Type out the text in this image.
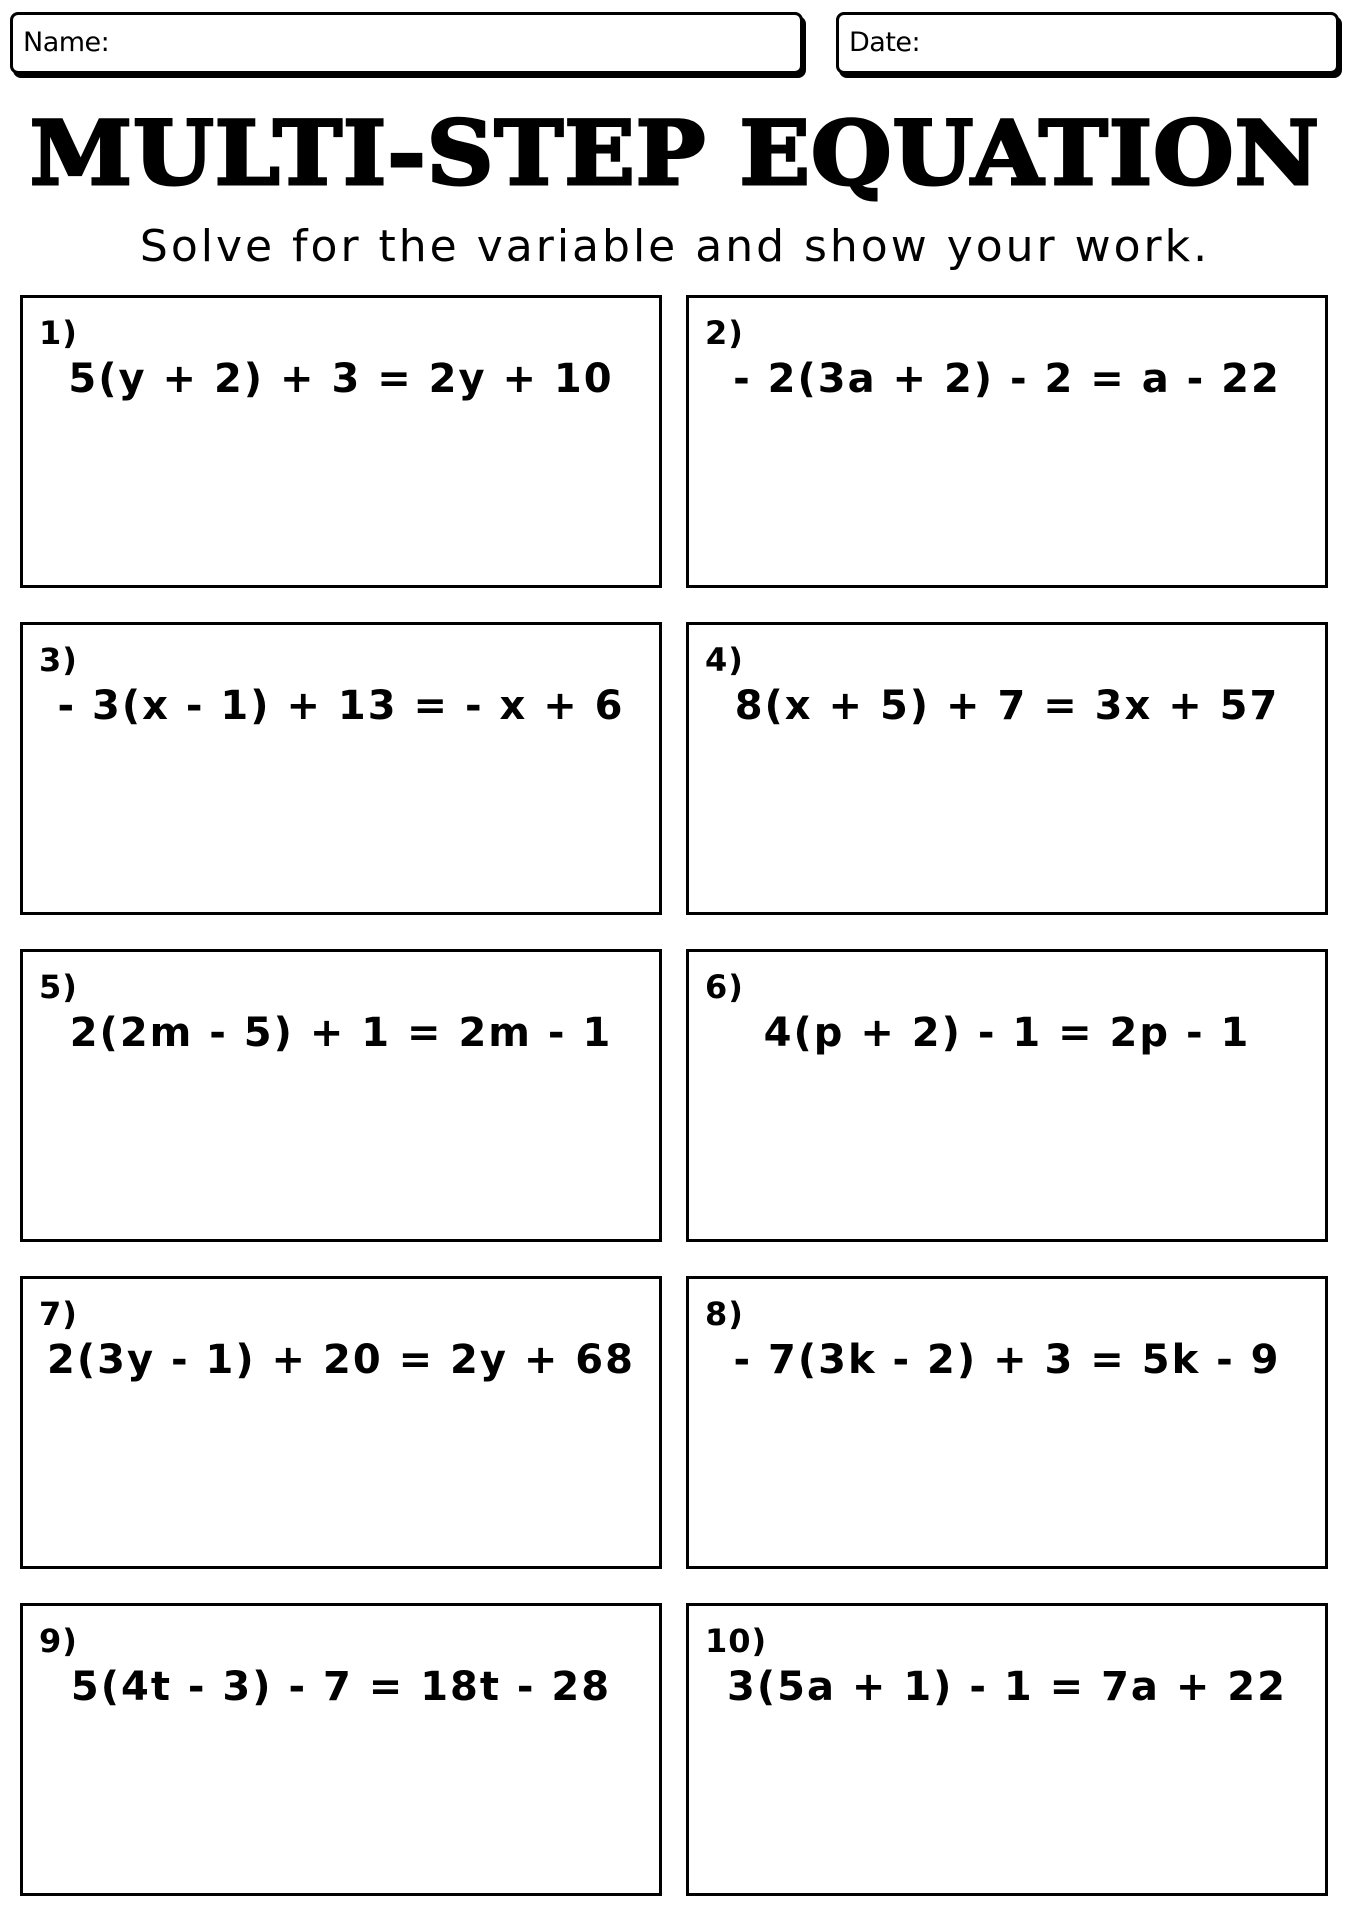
Name:	Date:
MULTI-STEP EQUATION
Solve for the variable and show your work.
1)
5(y + 2) + 3 = 2y + 10
2)
- 2(3a + 2) - 2 = a - 22
3)
- 3(x - 1) + 13 = - x + 6
4)
8(x + 5) + 7 = 3x + 57
5)
2(2m - 5) + 1 = 2m - 1
6)
4(p + 2) - 1 = 2p - 1
7)
2(3y - 1) + 20 = 2y + 68
8)
- 7(3k - 2) + 3 = 5k - 9
9)
5(4t - 3) - 7 = 18t - 28
10)
3(5a + 1) - 1 = 7a + 22
